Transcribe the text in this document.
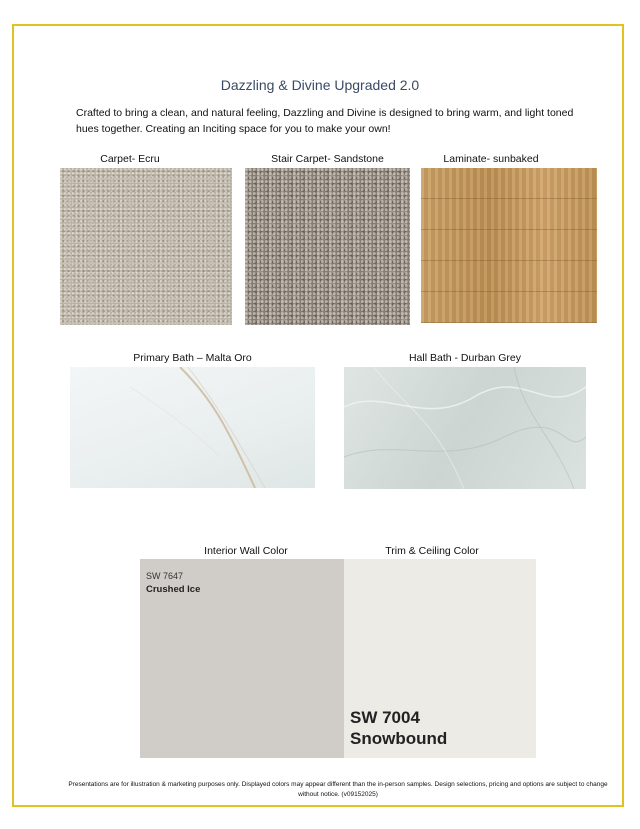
Dazzling & Divine Upgraded 2.0
Crafted to bring a clean, and natural feeling, Dazzling and Divine is designed to bring warm, and light toned hues together. Creating an Inciting space for you to make your own!
Carpet- Ecru	Stair Carpet- Sandstone	Laminate- sunbaked
Primary Bath – Malta Oro	Hall Bath - Durban Grey
Interior Wall Color	Trim & Ceiling Color
SW 7647
Crushed Ice
SW 7004
Snowbound
Presentations are for illustration & marketing purposes only. Displayed colors may appear different than the in-person samples. Design selections, pricing and options are subject to change without notice. (v09152025)
